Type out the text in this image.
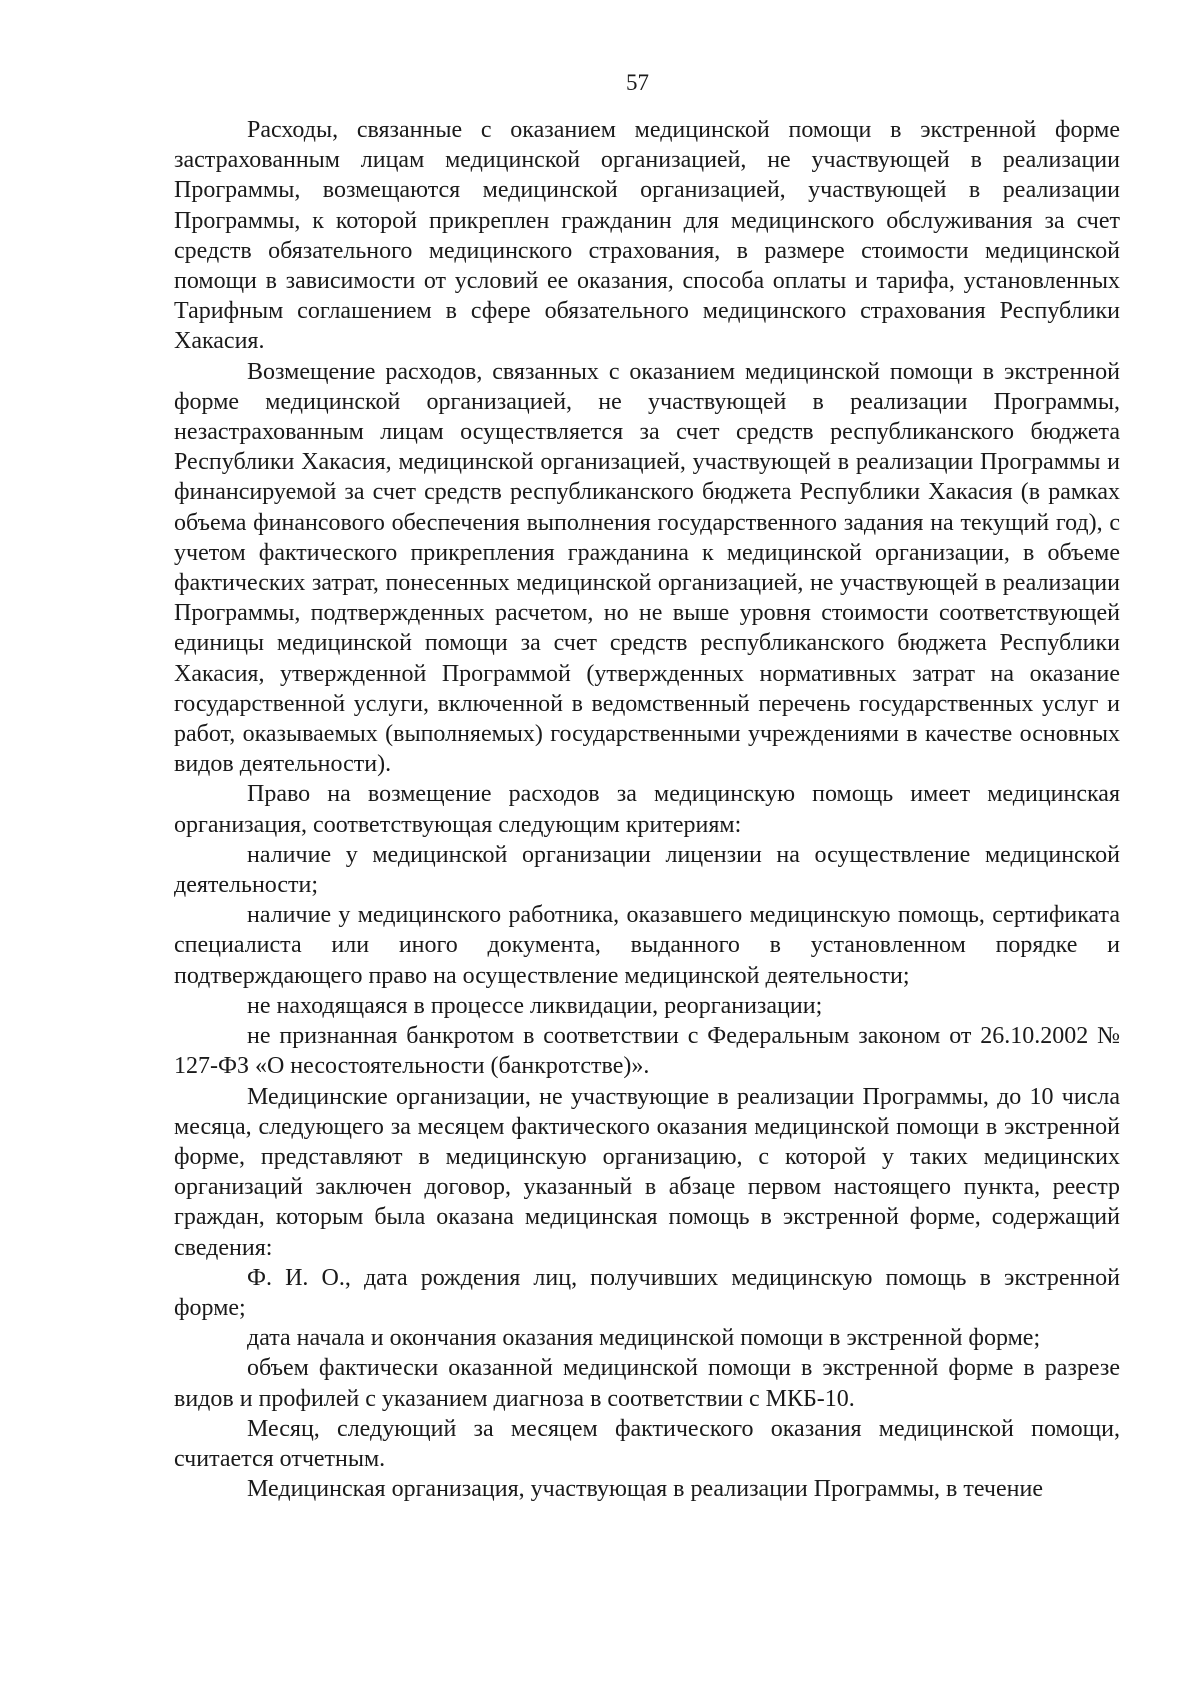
57

Расходы, связанные с оказанием медицинской помощи в экстренной форме застрахованным лицам медицинской организацией, не участвующей в реализации Программы, возмещаются медицинской организацией, участвующей в реализации Программы, к которой прикреплен гражданин для медицинского обслуживания за счет средств обязательного медицинского страхования, в размере стоимости медицинской помощи в зависимости от условий ее оказания, способа оплаты и тарифа, установленных Тарифным соглашением в сфере обязательного медицинского страхования Республики Хакасия.

Возмещение расходов, связанных с оказанием медицинской помощи в экстренной форме медицинской организацией, не участвующей в реализации Программы, незастрахованным лицам осуществляется за счет средств республиканского бюджета Республики Хакасия, медицинской организацией, участвующей в реализации Программы и финансируемой за счет средств республиканского бюджета Республики Хакасия (в рамках объема финансового обеспечения выполнения государственного задания на текущий год), с учетом фактического прикрепления гражданина к медицинской организации, в объеме фактических затрат, понесенных медицинской организацией, не участвующей в реализации Программы, подтвержденных расчетом, но не выше уровня стоимости соответствующей единицы медицинской помощи за счет средств республиканского бюджета Республики Хакасия, утвержденной Программой (утвержденных нормативных затрат на оказание государственной услуги, включенной в ведомственный перечень государственных услуг и работ, оказываемых (выполняемых) государственными учреждениями в качестве основных видов деятельности).

Право на возмещение расходов за медицинскую помощь имеет медицинская организация, соответствующая следующим критериям:

наличие у медицинской организации лицензии на осуществление медицинской деятельности;

наличие у медицинского работника, оказавшего медицинскую помощь, сертификата специалиста или иного документа, выданного в установленном порядке и подтверждающего право на осуществление медицинской деятельности;

не находящаяся в процессе ликвидации, реорганизации;

не признанная банкротом в соответствии с Федеральным законом от 26.10.2002 № 127-ФЗ «О несостоятельности (банкротстве)».

Медицинские организации, не участвующие в реализации Программы, до 10 числа месяца, следующего за месяцем фактического оказания медицинской помощи в экстренной форме, представляют в медицинскую организацию, с которой у таких медицинских организаций заключен договор, указанный в абзаце первом настоящего пункта, реестр граждан, которым была оказана медицинская помощь в экстренной форме, содержащий сведения:

Ф. И. О., дата рождения лиц, получивших медицинскую помощь в экстренной форме;

дата начала и окончания оказания медицинской помощи в экстренной форме;

объем фактически оказанной медицинской помощи в экстренной форме в разрезе видов и профилей с указанием диагноза в соответствии с МКБ-10.

Месяц, следующий за месяцем фактического оказания медицинской помощи, считается отчетным.

Медицинская организация, участвующая в реализации Программы, в течение
